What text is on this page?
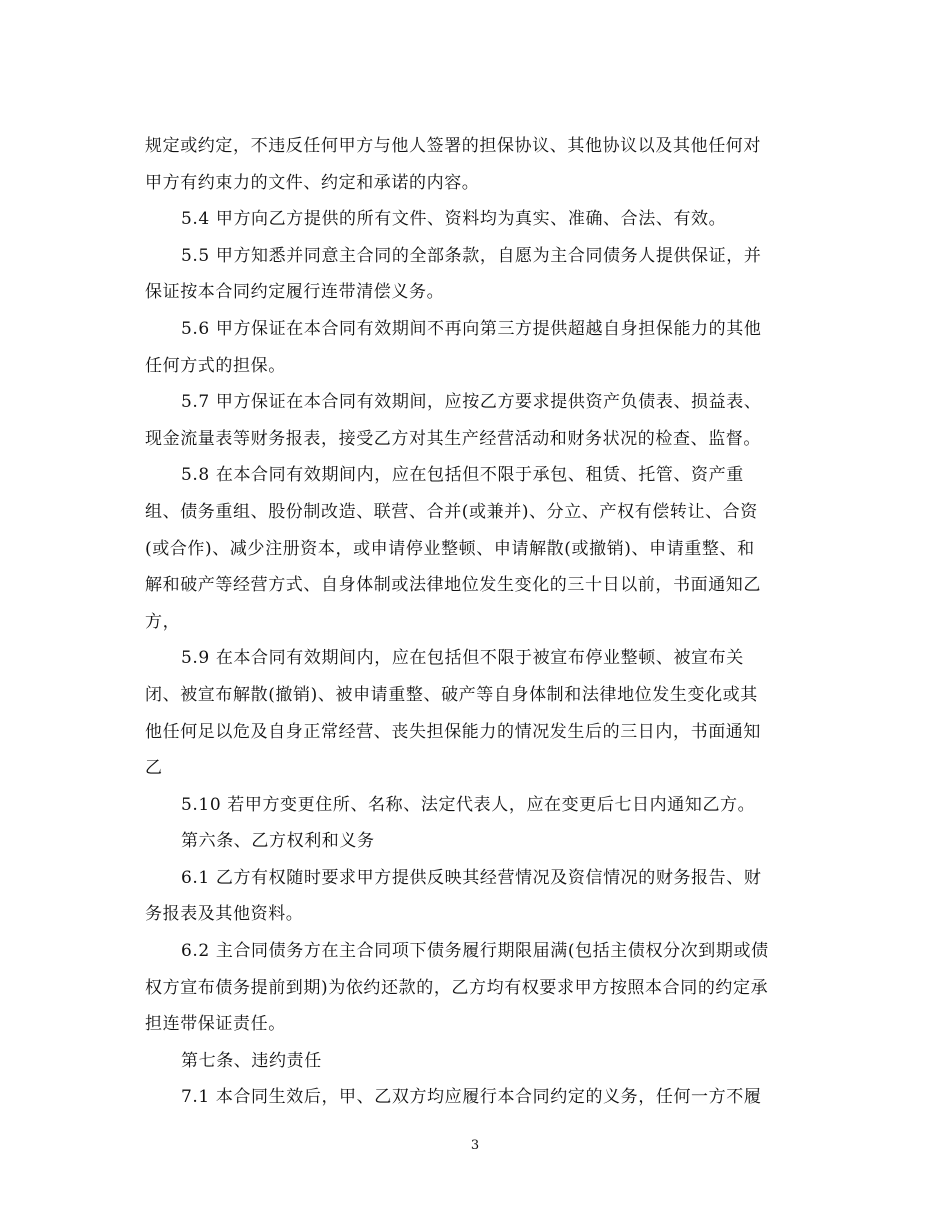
规定或约定，不违反任何甲方与他人签署的担保协议、其他协议以及其他任何对
甲方有约束力的文件、约定和承诺的内容。
5.4 甲方向乙方提供的所有文件、资料均为真实、准确、合法、有效。
5.5 甲方知悉并同意主合同的全部条款，自愿为主合同债务人提供保证，并
保证按本合同约定履行连带清偿义务。
5.6 甲方保证在本合同有效期间不再向第三方提供超越自身担保能力的其他
任何方式的担保。
5.7 甲方保证在本合同有效期间，应按乙方要求提供资产负债表、损益表、
现金流量表等财务报表，接受乙方对其生产经营活动和财务状况的检查、监督。
5.8 在本合同有效期间内，应在包括但不限于承包、租赁、托管、资产重
组、债务重组、股份制改造、联营、合并(或兼并)、分立、产权有偿转让、合资
(或合作)、减少注册资本，或申请停业整顿、申请解散(或撤销)、申请重整、和
解和破产等经营方式、自身体制或法律地位发生变化的三十日以前，书面通知乙
方，
5.9 在本合同有效期间内，应在包括但不限于被宣布停业整顿、被宣布关
闭、被宣布解散(撤销)、被申请重整、破产等自身体制和法律地位发生变化或其
他任何足以危及自身正常经营、丧失担保能力的情况发生后的三日内，书面通知
乙
5.10 若甲方变更住所、名称、法定代表人，应在变更后七日内通知乙方。
第六条、乙方权利和义务
6.1 乙方有权随时要求甲方提供反映其经营情况及资信情况的财务报告、财
务报表及其他资料。
6.2 主合同债务方在主合同项下债务履行期限届满(包括主债权分次到期或债
权方宣布债务提前到期)为依约还款的，乙方均有权要求甲方按照本合同的约定承
担连带保证责任。
第七条、违约责任
7.1 本合同生效后，甲、乙双方均应履行本合同约定的义务，任何一方不履
3
